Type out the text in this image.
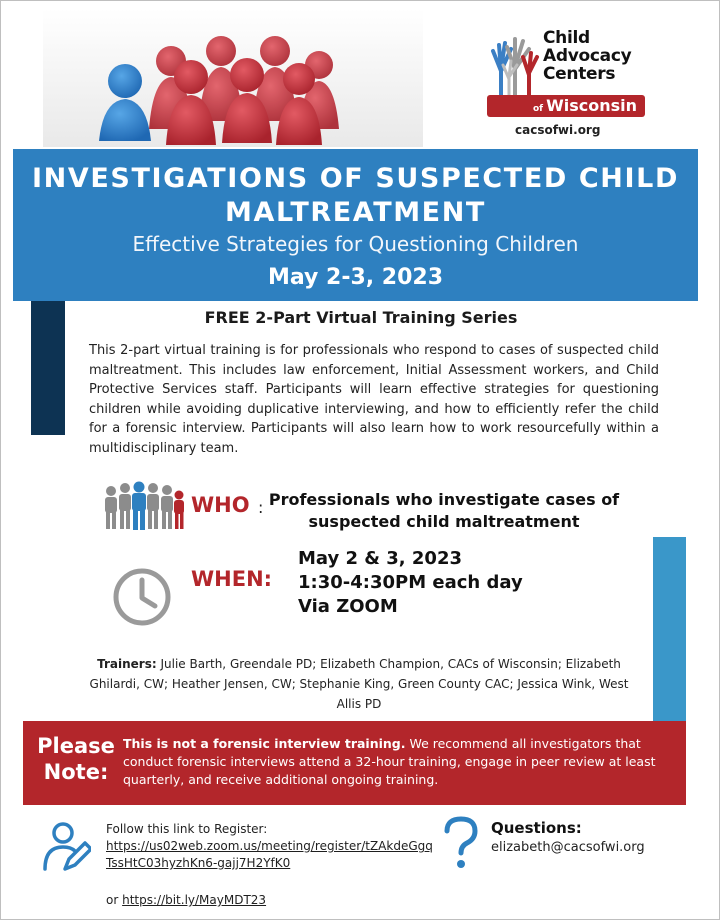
Child
Advocacy
Centers
of Wisconsin
cacsofwi.org
INVESTIGATIONS OF SUSPECTED CHILD MALTREATMENT
Effective Strategies for Questioning Children
May 2-3, 2023
FREE 2-Part Virtual Training Series
This 2-part virtual training is for professionals who respond to cases of suspected child maltreatment. This includes law enforcement, Initial Assessment workers, and Child Protective Services staff. Participants will learn effective strategies for questioning children while avoiding duplicative interviewing, and how to efficiently refer the child for a forensic interview. Participants will also learn how to work resourcefully within a multidisciplinary team.
WHO : Professionals who investigate cases of suspected child maltreatment
WHEN:
May 2 & 3, 2023
1:30-4:30PM each day
Via ZOOM
Trainers: Julie Barth, Greendale PD; Elizabeth Champion, CACs of Wisconsin; Elizabeth Ghilardi, CW; Heather Jensen, CW; Stephanie King, Green County CAC; Jessica Wink, West Allis PD
Please
Note:
This is not a forensic interview training. We recommend all investigators that conduct forensic interviews attend a 32-hour training, engage in peer review at least quarterly, and receive additional ongoing training.
Follow this link to Register:
https://us02web.zoom.us/meeting/register/tZAkdeGgqTssHtC03hyzhKn6-gajj7H2YfK0
or https://bit.ly/MayMDT23
Questions:
elizabeth@cacsofwi.org
